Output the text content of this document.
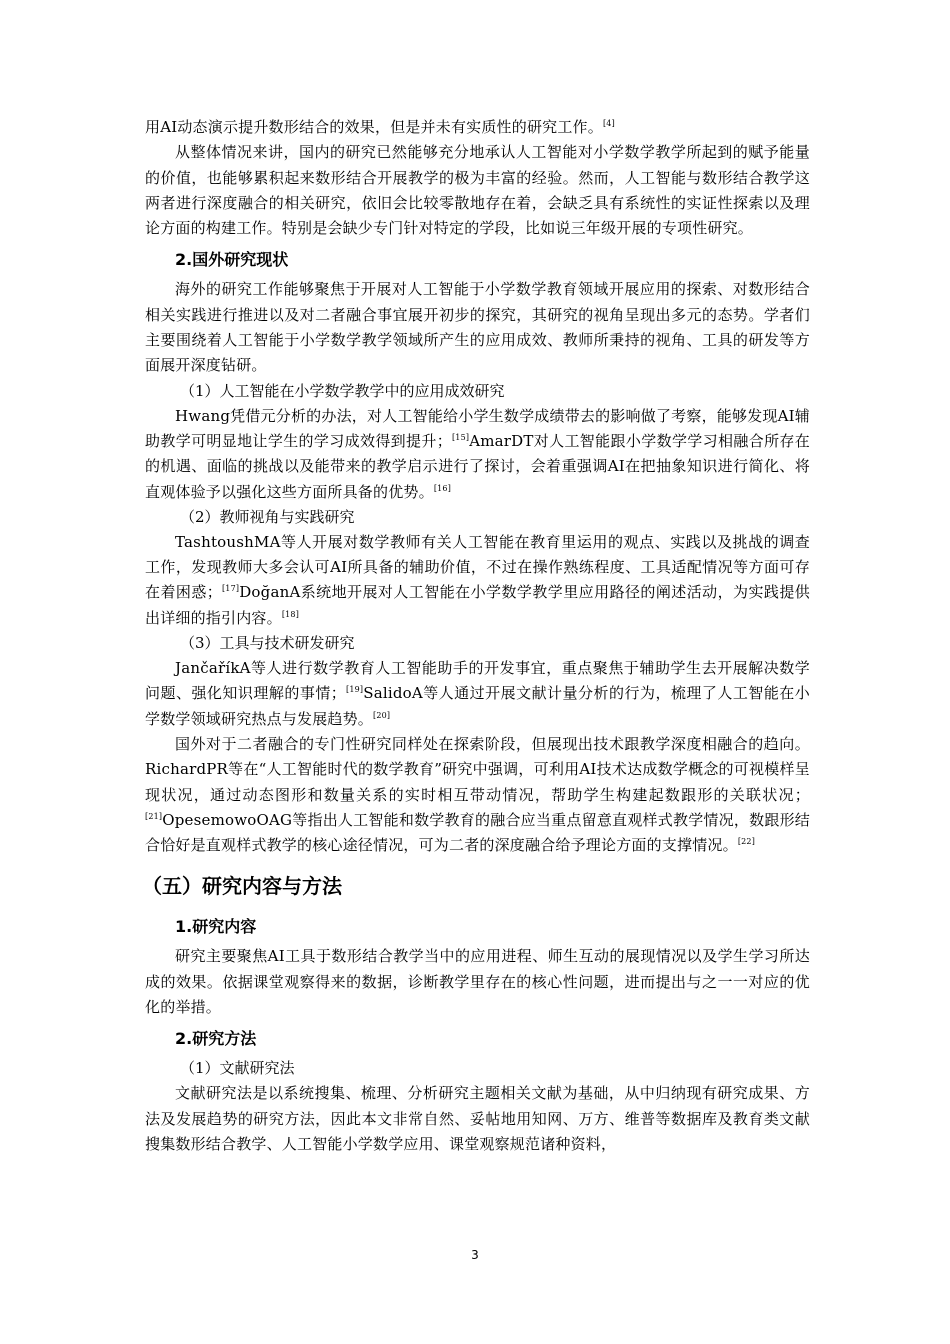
用AI动态演示提升数形结合的效果，但是并未有实质性的研究工作。[4]
从整体情况来讲，国内的研究已然能够充分地承认人工智能对小学数学教学所起到的赋予能量的价值，也能够累积起来数形结合开展教学的极为丰富的经验。然而，人工智能与数形结合教学这两者进行深度融合的相关研究，依旧会比较零散地存在着，会缺乏具有系统性的实证性探索以及理论方面的构建工作。特别是会缺少专门针对特定的学段，比如说三年级开展的专项性研究。
2.国外研究现状
海外的研究工作能够聚焦于开展对人工智能于小学数学教育领域开展应用的探索、对数形结合相关实践进行推进以及对二者融合事宜展开初步的探究，其研究的视角呈现出多元的态势。学者们主要围绕着人工智能于小学数学教学领域所产生的应用成效、教师所秉持的视角、工具的研发等方面展开深度钻研。
（1）人工智能在小学数学教学中的应用成效研究
Hwang凭借元分析的办法，对人工智能给小学生数学成绩带去的影响做了考察，能够发现AI辅助教学可明显地让学生的学习成效得到提升；[15]AmarDT对人工智能跟小学数学学习相融合所存在的机遇、面临的挑战以及能带来的教学启示进行了探讨，会着重强调AI在把抽象知识进行简化、将直观体验予以强化这些方面所具备的优势。[16]
（2）教师视角与实践研究
TashtoushMA等人开展对数学教师有关人工智能在教育里运用的观点、实践以及挑战的调查工作，发现教师大多会认可AI所具备的辅助价值，不过在操作熟练程度、工具适配情况等方面可存在着困惑；[17]DoğanA系统地开展对人工智能在小学数学教学里应用路径的阐述活动，为实践提供出详细的指引内容。[18]
（3）工具与技术研发研究
JančaříkA等人进行数学教育人工智能助手的开发事宜，重点聚焦于辅助学生去开展解决数学问题、强化知识理解的事情；[19]SalidoA等人通过开展文献计量分析的行为，梳理了人工智能在小学数学领域研究热点与发展趋势。[20]
国外对于二者融合的专门性研究同样处在探索阶段，但展现出技术跟教学深度相融合的趋向。RichardPR等在“人工智能时代的数学教育”研究中强调，可利用AI技术达成数学概念的可视模样呈现状况，通过动态图形和数量关系的实时相互带动情况，帮助学生构建起数跟形的关联状况；[21]OpesemowoOAG等指出人工智能和数学教育的融合应当重点留意直观样式教学情况，数跟形结合恰好是直观样式教学的核心途径情况，可为二者的深度融合给予理论方面的支撑情况。[22]
（五）研究内容与方法
1.研究内容
研究主要聚焦AI工具于数形结合教学当中的应用进程、师生互动的展现情况以及学生学习所达成的效果。依据课堂观察得来的数据，诊断教学里存在的核心性问题，进而提出与之一一对应的优化的举措。
2.研究方法
（1）文献研究法
文献研究法是以系统搜集、梳理、分析研究主题相关文献为基础，从中归纳现有研究成果、方法及发展趋势的研究方法，因此本文非常自然、妥帖地用知网、万方、维普等数据库及教育类文献搜集数形结合教学、人工智能小学数学应用、课堂观察规范诸种资料，
3
